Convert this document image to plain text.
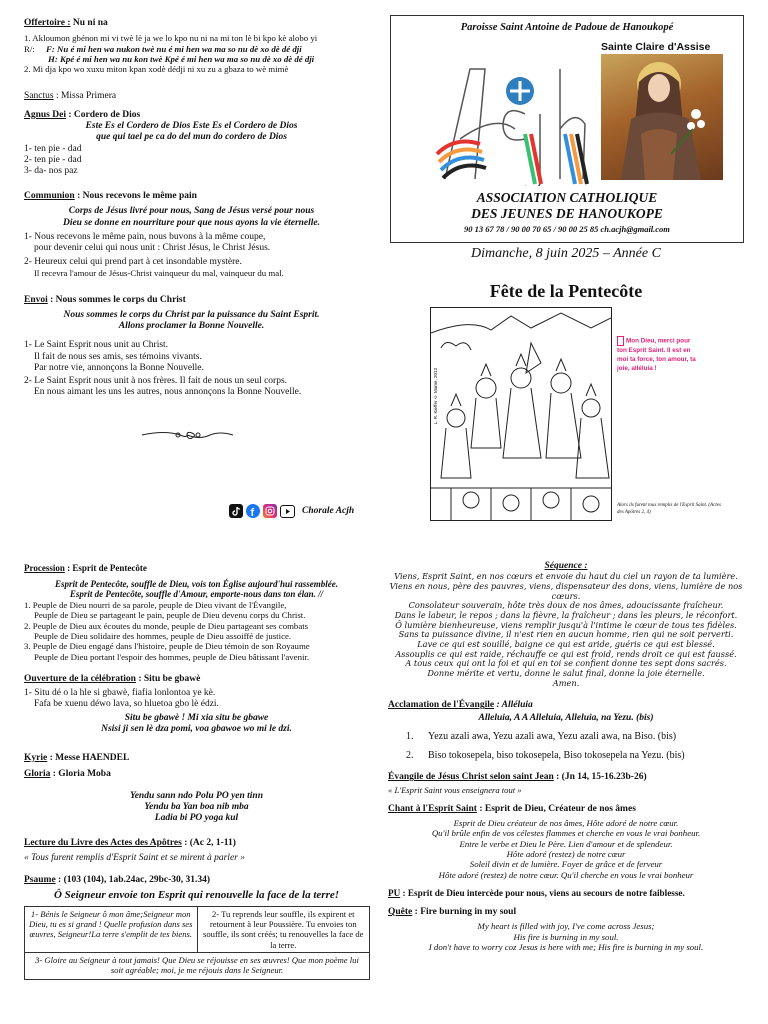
Offertoire : Nu ni na

1. Akloumon gbénon mi vi twè lè ja we lo kpo nu ni na mi ton lè bi kpo kè alobo yi

R/:	F: Nu é mi hen wa nukon twè nu é mi hen wa ma so nu dè xo dè dé dji

H: Kpé é mi hen wa nu kon twè Kpé é mi hen wa ma so nu dè xo dè dé dji

2. Mi dja kpo wo xuxu miton kpan xodè dédji ni xu zu a gbaza to wè mimè

Sanctus : Missa Primera

Agnus Dei : Cordero de Dios

Este Es el Cordero de Dios Este Es el Cordero de Dios

que qui tael pe ca do del mun do cordero de Dios

1- ten pie - dad

2- ten pie - dad

3- da- nos paz

Communion : Nous recevons le même pain

Corps de Jésus livré pour nous, Sang de Jésus versé pour nous

Dieu se donne en nourriture pour que nous ayons la vie éternelle.

1- Nous recevons le même pain, nous buvons à la même coupe,

pour devenir celui qui nous unit : Christ Jésus, le Christ Jésus.

2- Heureux celui qui prend part à cet insondable mystère.

Il recevra l'amour de Jésus-Christ vainqueur du mal, vainqueur du mal.

Envoi : Nous sommes le corps du Christ

Nous sommes le corps du Christ par la puissance du Saint Esprit.

Allons proclamer la Bonne Nouvelle.

1- Le Saint Esprit nous unit au Christ.

Il fait de nous ses amis, ses témoins vivants.

Par notre vie, annonçons la Bonne Nouvelle.

2- Le Saint Esprit nous unit à nos frères. Il fait de nous un seul corps.

En nous aimant les uns les autres, nous annonçons la Bonne Nouvelle.

f	Chorale Acjh
Paroisse Saint Antoine de Padoue de Hanoukopé
Sainte Claire d'Assise
ASSOCIATION CATHOLIQUE
DES JEUNES DE HANOUKOPE
90 13 67 78 / 90 00 70 65 / 90 00 25 85 ch.acjh@gmail.com
Dimanche, 8 juin 2025 – Année C
Fête de la Pentecôte
L. R. Kieffer © Mame, 2013
Mon Dieu, merci pour ton Esprit Saint. Il est en moi ta force, ton amour, ta joie, alléluia !
Alors ils furent tous remplis de l'Esprit Saint. (Actes des Apôtres 2, 4)

Procession : Esprit de Pentecôte

Esprit de Pentecôte, souffle de Dieu, vois ton Église aujourd'hui rassemblée.

Esprit de Pentecôte, souffle d'Amour, emporte-nous dans ton élan. //

1. Peuple de Dieu nourri de sa parole, peuple de Dieu vivant de l'Évangile,

Peuple de Dieu se partageant le pain, peuple de Dieu devenu corps du Christ.

2. Peuple de Dieu aux écoutes du monde, peuple de Dieu partageant ses combats

Peuple de Dieu solidaire des hommes, peuple de Dieu assoiffé de justice.

3. Peuple de Dieu engagé dans l'histoire, peuple de Dieu témoin de son Royaume

Peuple de Dieu portant l'espoir des hommes, peuple de Dieu bâtissant l'avenir.

Ouverture de la célébration : Situ be gbawè

1- Situ dé o la hle si gbawè, fiafia lonlontoa ye kè.

Fafa be xuenu déwo lava, so hluetoa gbo lè édzi.

Situ be gbawè ! Mi xia situ be gbawe

Nsisi ji sen lè dza pomi, voa gbawoe wo mi le dzi.

Kyrie : Messe HAENDEL

Gloria : Gloria Moba

Yendu sann ndo Polu PO yen tinn

Yendu ba Yan boa nib mba

Ladia bi PO yoga kul

Lecture du Livre des Actes des Apôtres : (Ac 2, 1-11)

« Tous furent remplis d'Esprit Saint et se mirent à parler »

Psaume : (103 (104), 1ab.24ac, 29bc-30, 31.34)

Ô Seigneur envoie ton Esprit qui renouvelle la face de la terre!

1- Bénis le Seigneur ô mon âme;Seigneur mon Dieu, tu es si grand ! Quelle profusion dans ses œuvres, Seigneur!La terre s'emplit de tes biens.	2- Tu reprends leur souffle, ils expirent et retournent à leur Poussière. Tu envoies ton souffle, ils sont créés; tu renouvelles la face de la terre.
3- Gloire au Seigneur à tout jamais! Que Dieu se réjouisse en ses œuvres! Que mon poème lui soit agréable; moi, je me réjouis dans le Seigneur.

Séquence :

Viens, Esprit Saint, en nos cœurs et envoie du haut du ciel un rayon de ta lumière.

Viens en nous, père des pauvres, viens, dispensateur des dons, viens, lumière de nos cœurs.

Consolateur souverain, hôte très doux de nos âmes, adoucissante fraîcheur.

Dans le labeur, le repos ; dans la fièvre, la fraîcheur ; dans les pleurs, le réconfort.

Ô lumière bienheureuse, viens remplir jusqu'à l'intime le cœur de tous tes fidèles.

Sans ta puissance divine, il n'est rien en aucun homme, rien qui ne soit perverti.

Lave ce qui est souillé, baigne ce qui est aride, guéris ce qui est blessé.

Assouplis ce qui est raide, réchauffe ce qui est froid, rends droit ce qui est faussé.

A tous ceux qui ont la foi et qui en toi se confient donne tes sept dons sacrés.

Donne mérite et vertu, donne le salut final, donne la joie éternelle.

Amen.

Acclamation de l'Évangile : Alléluia

Alleluia, A A Alleluia, Alleluia, na Yezu. (bis)

1. Yezu azali awa, Yezu azali awa, Yezu azali awa, na Biso. (bis)

2. Biso tokosepela, biso tokosepela, Biso tokosepela na Yezu. (bis)

Évangile de Jésus Christ selon saint Jean : (Jn 14, 15-16.23b-26)

« L'Esprit Saint vous enseignera tout »

Chant à l'Esprit Saint : Esprit de Dieu, Créateur de nos âmes

Esprit de Dieu créateur de nos âmes, Hôte adoré de notre cœur.

Qu'il brûle enfin de vos célestes flammes et cherche en vous le vrai bonheur.

Entre le verbe et Dieu le Père. Lien d'amour et de splendeur.

Hôte adoré (restez) de notre cœur

Soleil divin et de lumière. Foyer de grâce et de ferveur

Hôte adoré (restez) de notre cœur. Qu'il cherche en vous le vrai bonheur

PU : Esprit de Dieu intercède pour nous, viens au secours de notre faiblesse.

Quête : Fire burning in my soul

My heart is filled with joy, I've come across Jesus;

His fire is burning in my soul.

I don't have to worry coz Jesus is here with me; His fire is burning in my soul.
